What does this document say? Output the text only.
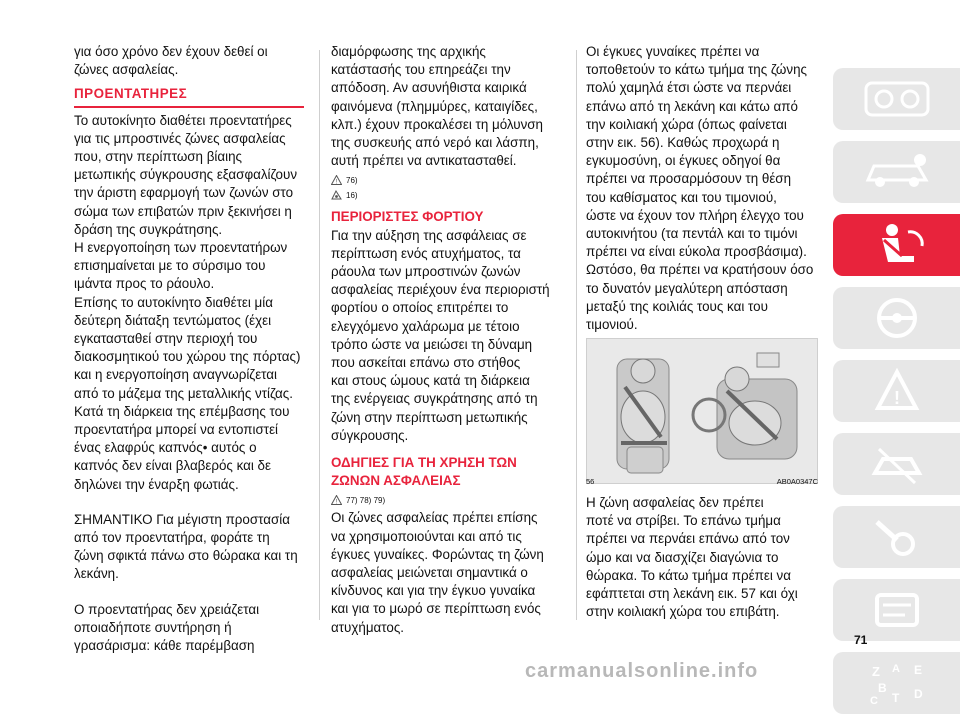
για όσο χρόνο δεν έχουν δεθεί οι
ζώνες ασφαλείας.

ΠΡΟΕΝΤΑΤΗΡΕΣ

Το αυτοκίνητο διαθέτει προεντατήρες
για τις μπροστινές ζώνες ασφαλείας
που, στην περίπτωση βίαιης
μετωπικής σύγκρουσης εξασφαλίζουν
την άριστη εφαρμογή των ζωνών στο
σώμα των επιβατών πριν ξεκινήσει η
δράση της συγκράτησης.
Η ενεργοποίηση των προεντατήρων
επισημαίνεται με το σύρσιμο του
ιμάντα προς το ράουλο.
Επίσης το αυτοκίνητο διαθέτει μία
δεύτερη διάταξη τεντώματος (έχει
εγκατασταθεί στην περιοχή του
διακοσμητικού του χώρου της πόρτας)
και η ενεργοποίηση αναγνωρίζεται
από το μάζεμα της μεταλλικής ντίζας.
Κατά τη διάρκεια της επέμβασης του
προεντατήρα μπορεί να εντοπιστεί
ένας ελαφρύς καπνός• αυτός ο
καπνός δεν είναι βλαβερός και δε
δηλώνει την έναρξη φωτιάς.

ΣΗΜΑΝΤΙΚΟ Για μέγιστη προστασία
από τον προεντατήρα, φοράτε τη
ζώνη σφικτά πάνω στο θώρακα και τη
λεκάνη.

Ο προεντατήρας δεν χρειάζεται
οποιαδήποτε συντήρηση ή
γρασάρισμα: κάθε παρέμβαση

διαμόρφωσης της αρχικής
κατάστασής του επηρεάζει την
απόδοση. Αν ασυνήθιστα καιρικά
φαινόμενα (πλημμύρες, καταιγίδες,
κλπ.) έχουν προκαλέσει τη μόλυνση
της συσκευής από νερό και λάσπη,
αυτή πρέπει να αντικατασταθεί.

! 76)
16)

ΠΕΡΙΟΡΙΣΤΕΣ ΦΟΡΤΙΟΥ

Για την αύξηση της ασφάλειας σε
περίπτωση ενός ατυχήματος, τα
ράουλα των μπροστινών ζωνών
ασφαλείας περιέχουν ένα περιοριστή
φορτίου ο οποίος επιτρέπει το
ελεγχόμενο χαλάρωμα με τέτοιο
τρόπο ώστε να μειώσει τη δύναμη
που ασκείται επάνω στο στήθος
και στους ώμους κατά τη διάρκεια
της ενέργειας συγκράτησης από τη
ζώνη στην περίπτωση μετωπικής
σύγκρουσης.

ΟΔΗΓΙΕΣ ΓΙΑ ΤΗ ΧΡΗΣΗ ΤΩΝ
ΖΩΝΩΝ ΑΣΦΑΛΕΙΑΣ

! 77) 78) 79)

Οι ζώνες ασφαλείας πρέπει επίσης
να χρησιμοποιούνται και από τις
έγκυες γυναίκες. Φορώντας τη ζώνη
ασφαλείας μειώνεται σημαντικά ο
κίνδυνος και για την έγκυο γυναίκα
και για το μωρό σε περίπτωση ενός
ατυχήματος.

Οι έγκυες γυναίκες πρέπει να
τοποθετούν το κάτω τμήμα της ζώνης
πολύ χαμηλά έτσι ώστε να περνάει
επάνω από τη λεκάνη και κάτω από
την κοιλιακή χώρα (όπως φαίνεται
στην εικ. 56). Καθώς προχωρά η
εγκυμοσύνη, οι έγκυες οδηγοί θα
πρέπει να προσαρμόσουν τη θέση
του καθίσματος και του τιμονιού,
ώστε να έχουν τον πλήρη έλεγχο του
αυτοκινήτου (τα πεντάλ και το τιμόνι
πρέπει να είναι εύκολα προσβάσιμα).
Ωστόσο, θα πρέπει να κρατήσουν όσο
το δυνατόν μεγαλύτερη απόσταση
μεταξύ της κοιλιάς τους και του
τιμονιού.

56	AB0A0347C

Η ζώνη ασφαλείας δεν πρέπει
ποτέ να στρίβει. Το επάνω τμήμα
πρέπει να περνάει επάνω από τον
ώμο και να διασχίζει διαγώνια το
θώρακα. Το κάτω τμήμα πρέπει να
εφάπτεται στη λεκάνη εικ. 57 και όχι
στην κοιλιακή χώρα του επιβάτη.

!
Z A E
B
C T D
71
carmanualsonline.info
